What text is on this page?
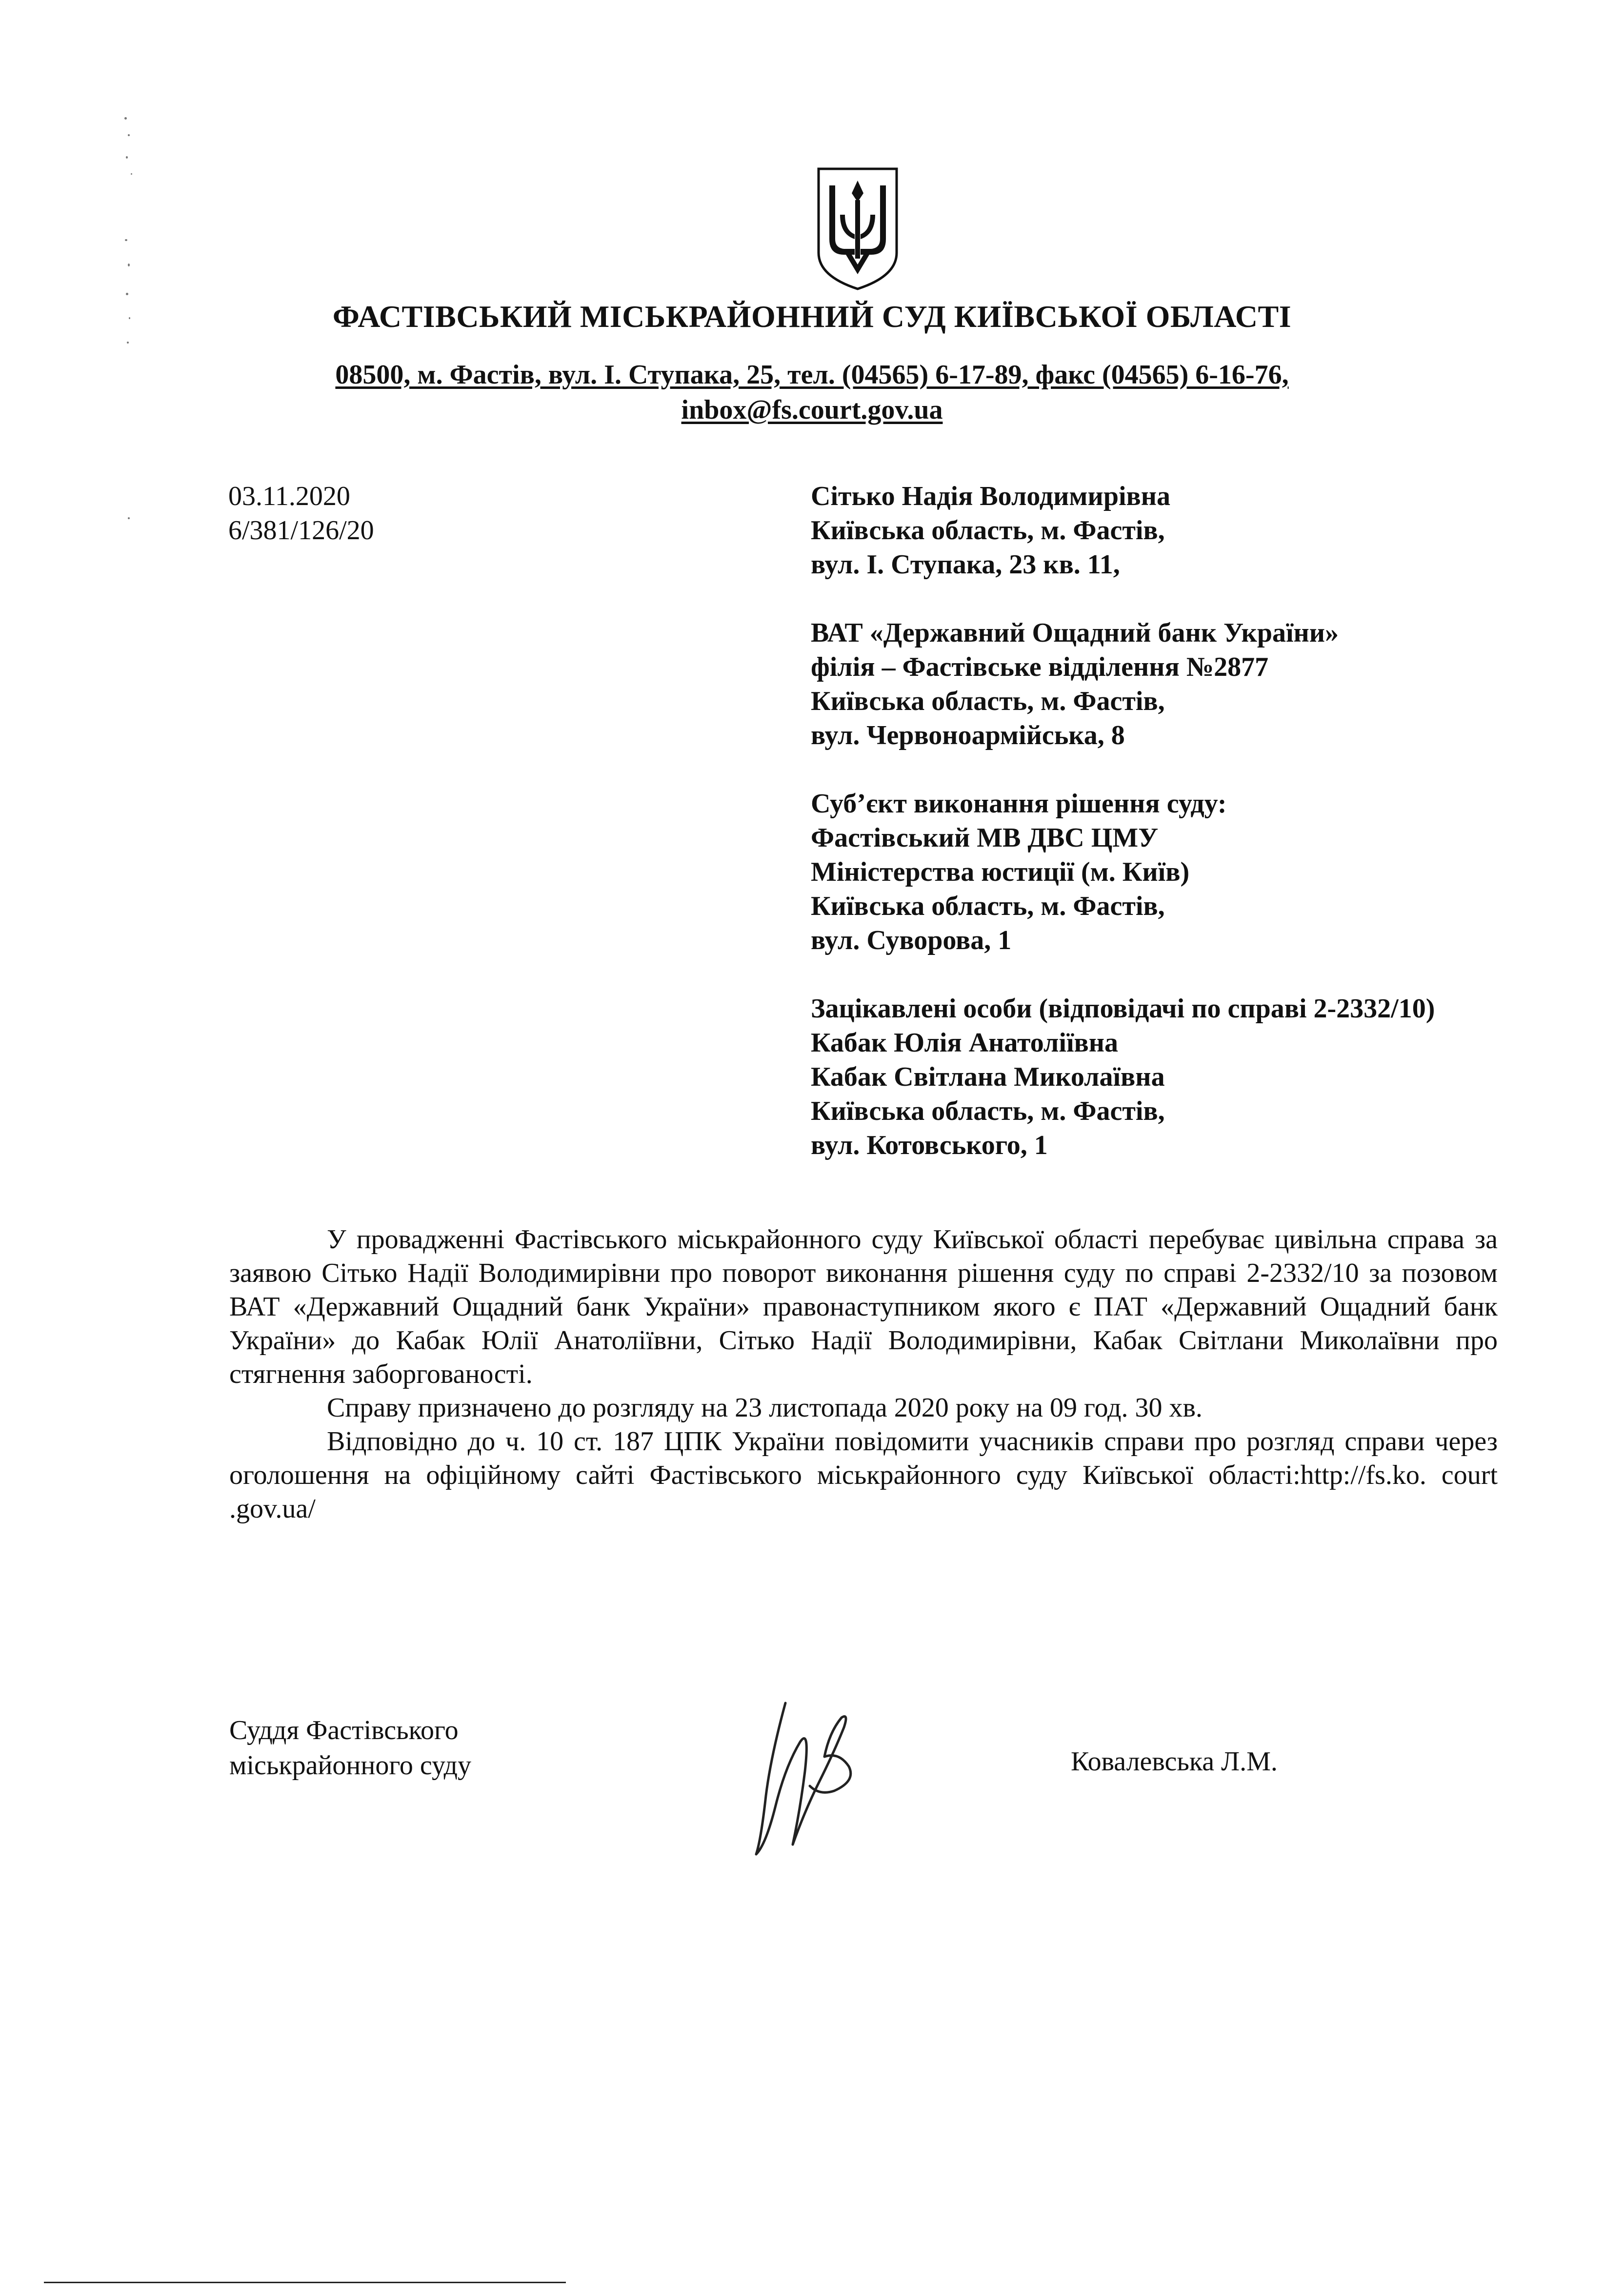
ФАСТІВСЬКИЙ МІСЬКРАЙОННИЙ СУД КИЇВСЬКОЇ ОБЛАСТІ
08500, м. Фастів, вул. І. Ступака, 25, тел. (04565) 6-17-89, факс (04565) 6-16-76,
inbox@fs.court.gov.ua
03.11.2020
6/381/126/20
Сітько Надія Володимирівна
Київська область, м. Фастів,
вул. І. Ступака, 23 кв. 11,
ВАТ «Державний Ощадний банк України»
філія – Фастівське відділення №2877
Київська область, м. Фастів,
вул. Червоноармійська, 8
Суб’єкт виконання рішення суду:
Фастівський МВ ДВС ЦМУ
Міністерства юстиції (м. Київ)
Київська область, м. Фастів,
вул. Суворова, 1
Зацікавлені особи (відповідачі по справі 2-2332/10)
Кабак Юлія Анатоліївна
Кабак Світлана Миколаївна
Київська область, м. Фастів,
вул. Котовського, 1

У провадженні Фастівського міськрайонного суду Київської області перебуває цивільна справа за заявою Сітько Надії Володимирівни про поворот виконання рішення суду по справі 2-2332/10 за позовом ВАТ «Державний Ощадний банк України» правонаступником якого є ПАТ «Державний Ощадний банк України» до Кабак Юлії Анатоліївни, Сітько Надії Володимирівни, Кабак Світлани Миколаївни про стягнення заборгованості.

Справу призначено до розгляду на 23 листопада 2020 року на 09 год. 30 хв.

Відповідно до ч. 10 ст. 187 ЦПК України повідомити учасників справи про розгляд справи через оголошення на офіційному сайті Фастівського міськрайонного суду Київської області:http://fs.ko. court .gov.ua/

Суддя Фастівського
міськрайонного суду	Ковалевська Л.М.
